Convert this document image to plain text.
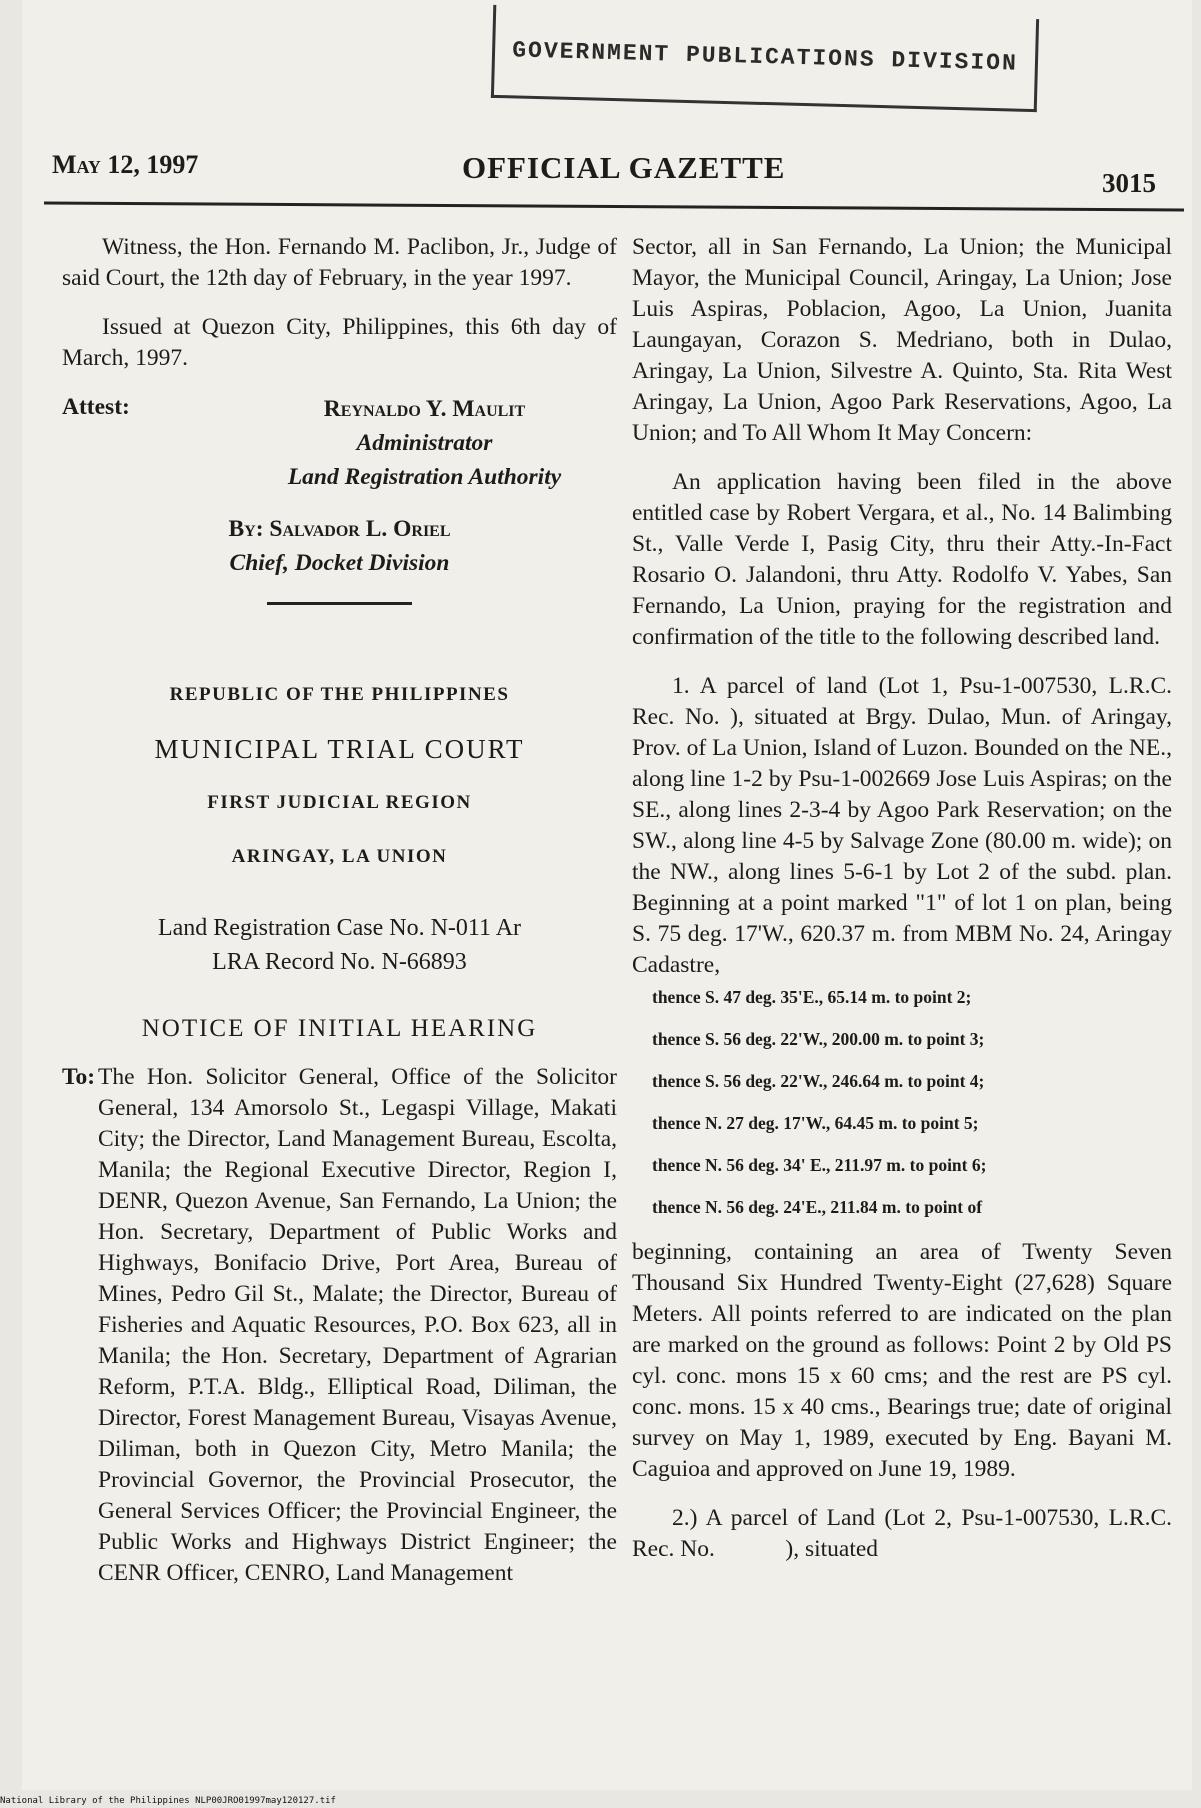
GOVERNMENT PUBLICATIONS DIVISION
May 12, 1997	OFFICIAL GAZETTE	3015

Witness, the Hon. Fernando M. Paclibon, Jr., Judge of said Court, the 12th day of February, in the year 1997.

Issued at Quezon City, Philippines, this 6th day of March, 1997.

Attest:	Reynaldo Y. Maulit
Administrator
Land Registration Authority
By: Salvador L. Oriel
Chief, Docket Division

REPUBLIC OF THE PHILIPPINES

MUNICIPAL TRIAL COURT

FIRST JUDICIAL REGION

ARINGAY, LA UNION

Land Registration Case No. N-011 Ar
LRA Record No. N-66893
NOTICE OF INITIAL HEARING
To: The Hon. Solicitor General, Office of the Solicitor General, 134 Amorsolo St., Legaspi Village, Makati City; the Director, Land Management Bureau, Escolta, Manila; the Regional Executive Director, Region I, DENR, Quezon Avenue, San Fernando, La Union; the Hon. Secretary, Department of Public Works and Highways, Bonifacio Drive, Port Area, Bureau of Mines, Pedro Gil St., Malate; the Director, Bureau of Fisheries and Aquatic Resources, P.O. Box 623, all in Manila; the Hon. Secretary, Department of Agrarian Reform, P.T.A. Bldg., Elliptical Road, Diliman, the Director, Forest Management Bureau, Visayas Avenue, Diliman, both in Quezon City, Metro Manila; the Provincial Governor, the Provincial Prosecutor, the General Services Officer; the Provincial Engineer, the Public Works and Highways District Engineer; the CENR Officer, CENRO, Land Management

Sector, all in San Fernando, La Union; the Municipal Mayor, the Municipal Council, Aringay, La Union; Jose Luis Aspiras, Poblacion, Agoo, La Union, Juanita Laungayan, Corazon S. Medriano, both in Dulao, Aringay, La Union, Silvestre A. Quinto, Sta. Rita West Aringay, La Union, Agoo Park Reservations, Agoo, La Union; and To All Whom It May Concern:

An application having been filed in the above entitled case by Robert Vergara, et al., No. 14 Balimbing St., Valle Verde I, Pasig City, thru their Atty.-In-Fact Rosario O. Jalandoni, thru Atty. Rodolfo V. Yabes, San Fernando, La Union, praying for the registration and confirmation of the title to the following described land.

1. A parcel of land (Lot 1, Psu-1-007530, L.R.C. Rec. No. ), situated at Brgy. Dulao, Mun. of Aringay, Prov. of La Union, Island of Luzon. Bounded on the NE., along line 1-2 by Psu-1-002669 Jose Luis Aspiras; on the SE., along lines 2-3-4 by Agoo Park Reservation; on the SW., along line 4-5 by Salvage Zone (80.00 m. wide); on the NW., along lines 5-6-1 by Lot 2 of the subd. plan. Beginning at a point marked "1" of lot 1 on plan, being S. 75 deg. 17'W., 620.37 m. from MBM No. 24, Aringay Cadastre,

thence S. 47 deg. 35'E., 65.14 m. to point 2;

thence S. 56 deg. 22'W., 200.00 m. to point 3;

thence S. 56 deg. 22'W., 246.64 m. to point 4;

thence N. 27 deg. 17'W., 64.45 m. to point 5;

thence N. 56 deg. 34' E., 211.97 m. to point 6;

thence N. 56 deg. 24'E., 211.84 m. to point of

beginning, containing an area of Twenty Seven Thousand Six Hundred Twenty-Eight (27,628) Square Meters. All points referred to are indicated on the plan are marked on the ground as follows: Point 2 by Old PS cyl. conc. mons 15 x 60 cms; and the rest are PS cyl. conc. mons. 15 x 40 cms., Bearings true; date of original survey on May 1, 1989, executed by Eng. Bayani M. Caguioa and approved on June 19, 1989.

2.) A parcel of Land (Lot 2, Psu-1-007530, L.R.C. Rec. No.            ), situated

National Library of the Philippines NLP00JRO01997may120127.tif
